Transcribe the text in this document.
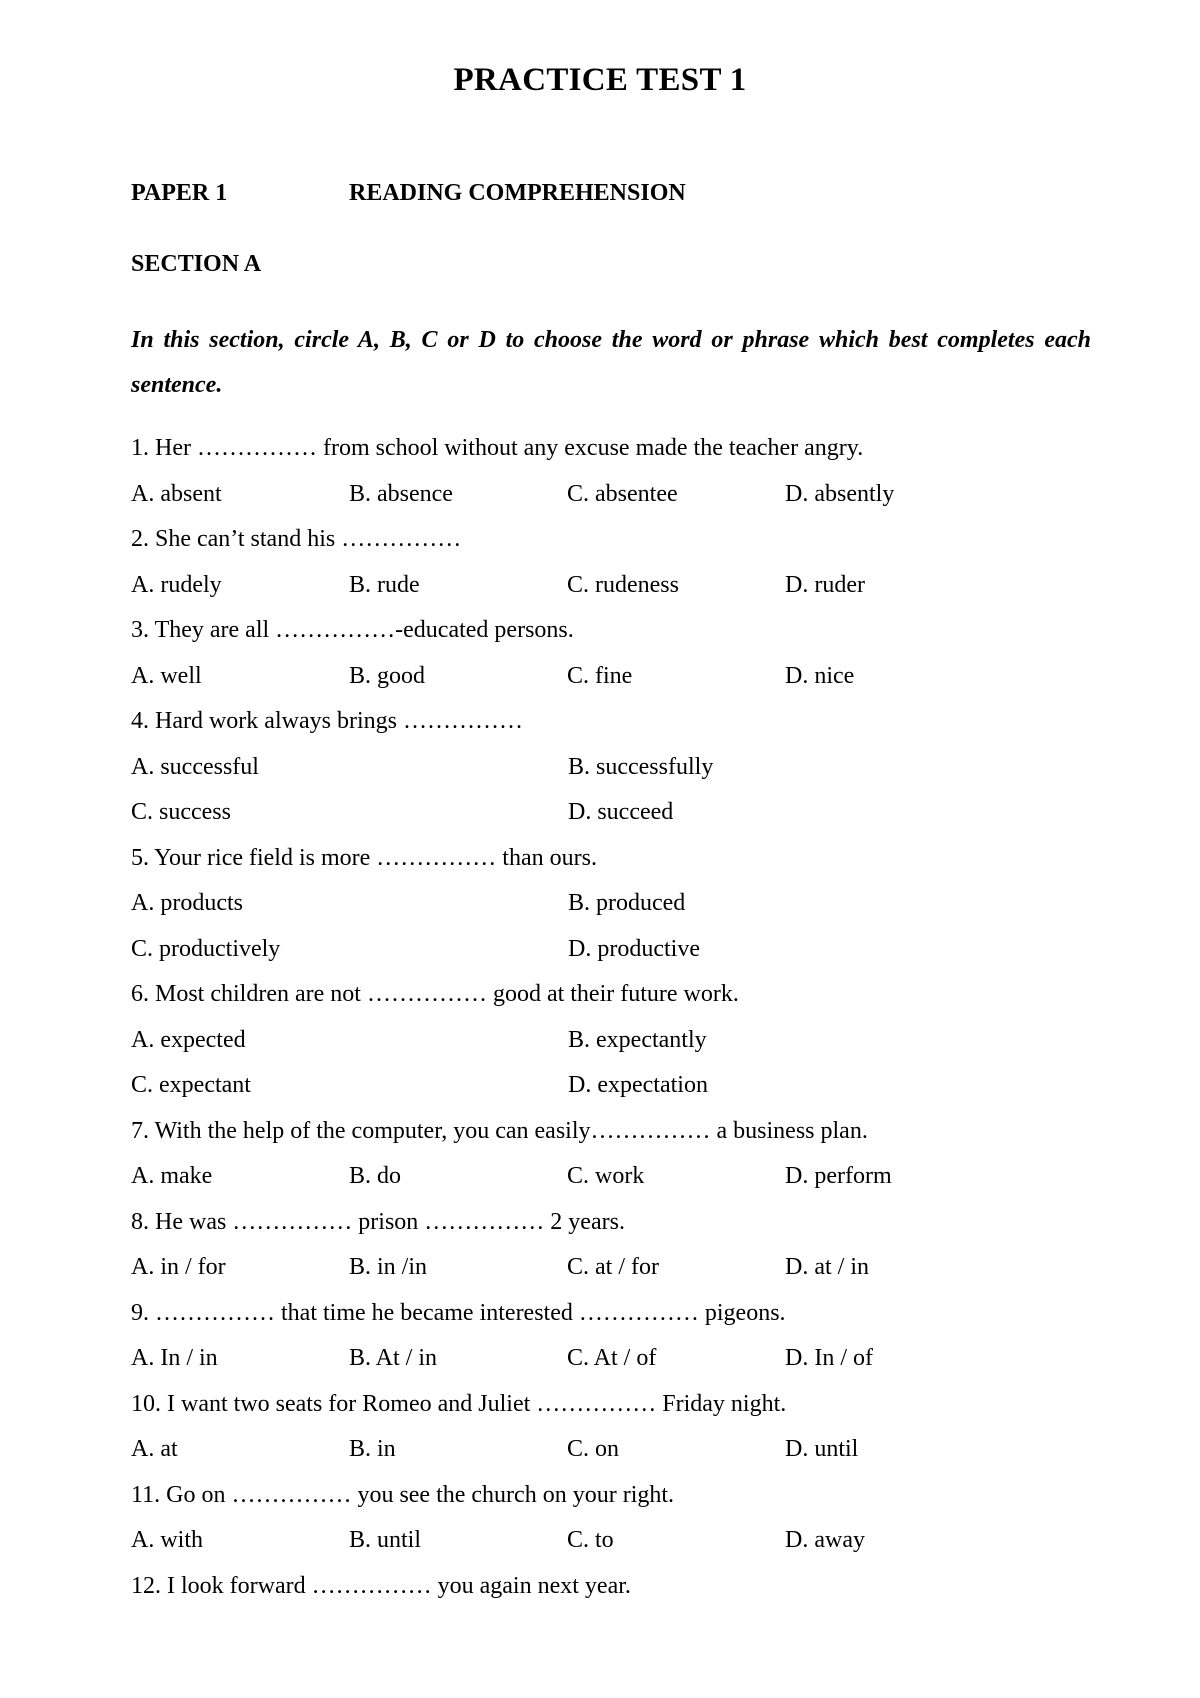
PRACTICE TEST 1
PAPER 1	READING COMPREHENSION
SECTION A
In this section, circle A, B, C or D to choose the word or phrase which best completes each sentence.
1. Her …………… from school without any excuse made the teacher angry.
A. absent	B. absence	C. absentee	D. absently
2. She can’t stand his ……………
A. rudely	B. rude	C. rudeness	D. ruder
3. They are all ……………-educated persons.
A. well	B. good	C. fine	D. nice
4. Hard work always brings ……………
A. successful	B. successfully
C. success	D. succeed
5. Your rice field is more …………… than ours.
A. products	B. produced
C. productively	D. productive
6. Most children are not …………… good at their future work.
A. expected	B. expectantly
C. expectant	D. expectation
7. With the help of the computer, you can easily…………… a business plan.
A. make	B. do	C. work	D. perform
8. He was …………… prison …………… 2 years.
A. in / for	B. in /in	C. at / for	D. at / in
9. …………… that time he became interested …………… pigeons.
A. In / in	B. At / in	C. At / of	D. In / of
10. I want two seats for Romeo and Juliet …………… Friday night.
A. at	B. in	C. on	D. until
11. Go on …………… you see the church on your right.
A. with	B. until	C. to	D. away
12. I look forward …………… you again next year.
